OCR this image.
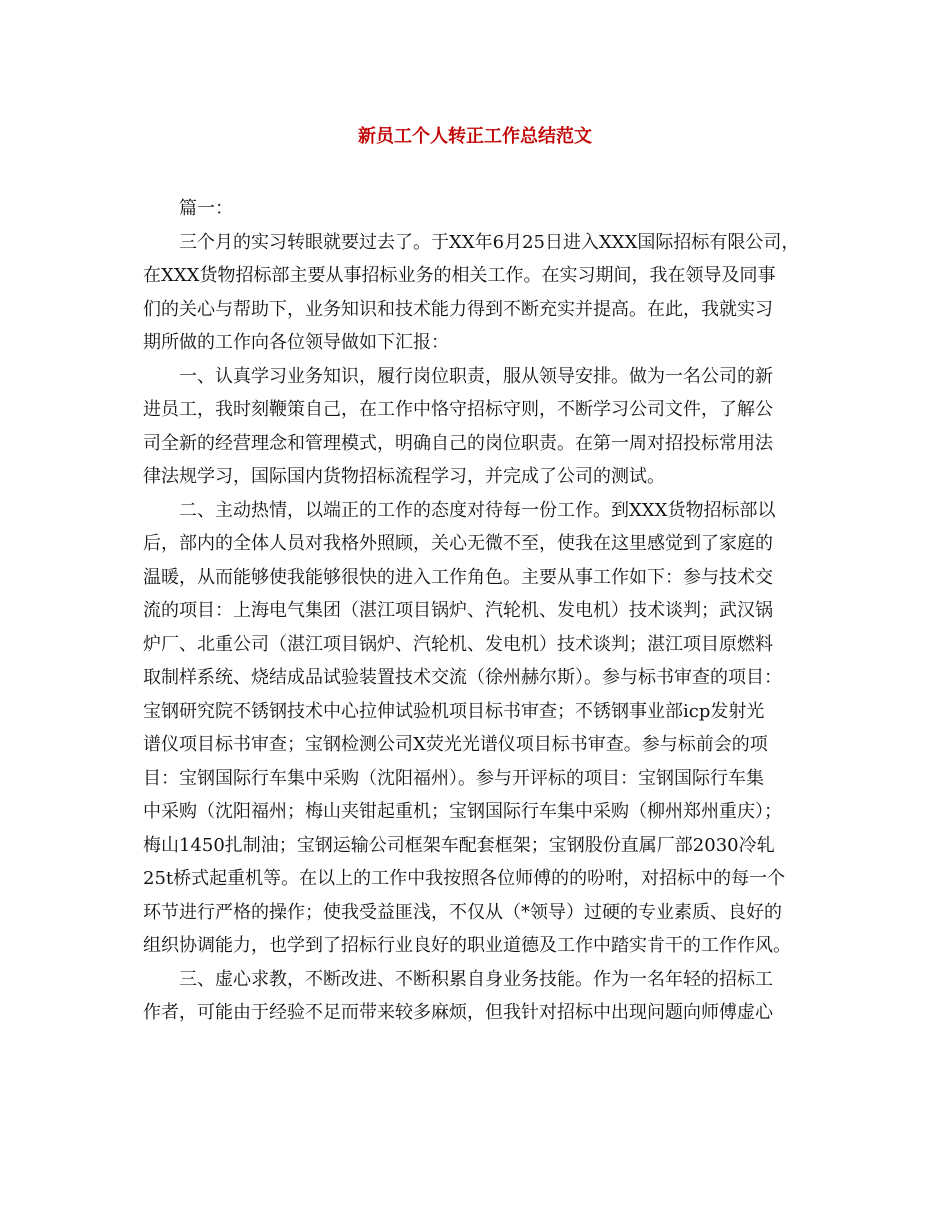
新员工个人转正工作总结范文
篇一：
三个月的实习转眼就要过去了。于XX年6月25日进入XXX国际招标有限公司，
在XXX货物招标部主要从事招标业务的相关工作。在实习期间，我在领导及同事
们的关心与帮助下，业务知识和技术能力得到不断充实并提高。在此，我就实习
期所做的工作向各位领导做如下汇报：
一、认真学习业务知识，履行岗位职责，服从领导安排。做为一名公司的新
进员工，我时刻鞭策自己，在工作中恪守招标守则，不断学习公司文件，了解公
司全新的经营理念和管理模式，明确自己的岗位职责。在第一周对招投标常用法
律法规学习，国际国内货物招标流程学习，并完成了公司的测试。
二、主动热情，以端正的工作的态度对待每一份工作。到XXX货物招标部以
后，部内的全体人员对我格外照顾，关心无微不至，使我在这里感觉到了家庭的
温暖，从而能够使我能够很快的进入工作角色。主要从事工作如下：参与技术交
流的项目：上海电气集团（湛江项目锅炉、汽轮机、发电机）技术谈判；武汉锅
炉厂、北重公司（湛江项目锅炉、汽轮机、发电机）技术谈判；湛江项目原燃料
取制样系统、烧结成品试验装置技术交流（徐州赫尔斯）。参与标书审查的项目：
宝钢研究院不锈钢技术中心拉伸试验机项目标书审查；不锈钢事业部icp发射光
谱仪项目标书审查；宝钢检测公司X荧光光谱仪项目标书审查。参与标前会的项
目：宝钢国际行车集中采购（沈阳福州）。参与开评标的项目：宝钢国际行车集
中采购（沈阳福州；梅山夹钳起重机；宝钢国际行车集中采购（柳州郑州重庆）；
梅山1450扎制油；宝钢运输公司框架车配套框架；宝钢股份直属厂部2030冷轧
25t桥式起重机等。在以上的工作中我按照各位师傅的的吩咐，对招标中的每一个
环节进行严格的操作；使我受益匪浅，不仅从（*领导）过硬的专业素质、良好的
组织协调能力，也学到了招标行业良好的职业道德及工作中踏实肯干的工作作风。
三、虚心求教，不断改进、不断积累自身业务技能。作为一名年轻的招标工
作者，可能由于经验不足而带来较多麻烦，但我针对招标中出现问题向师傅虚心
